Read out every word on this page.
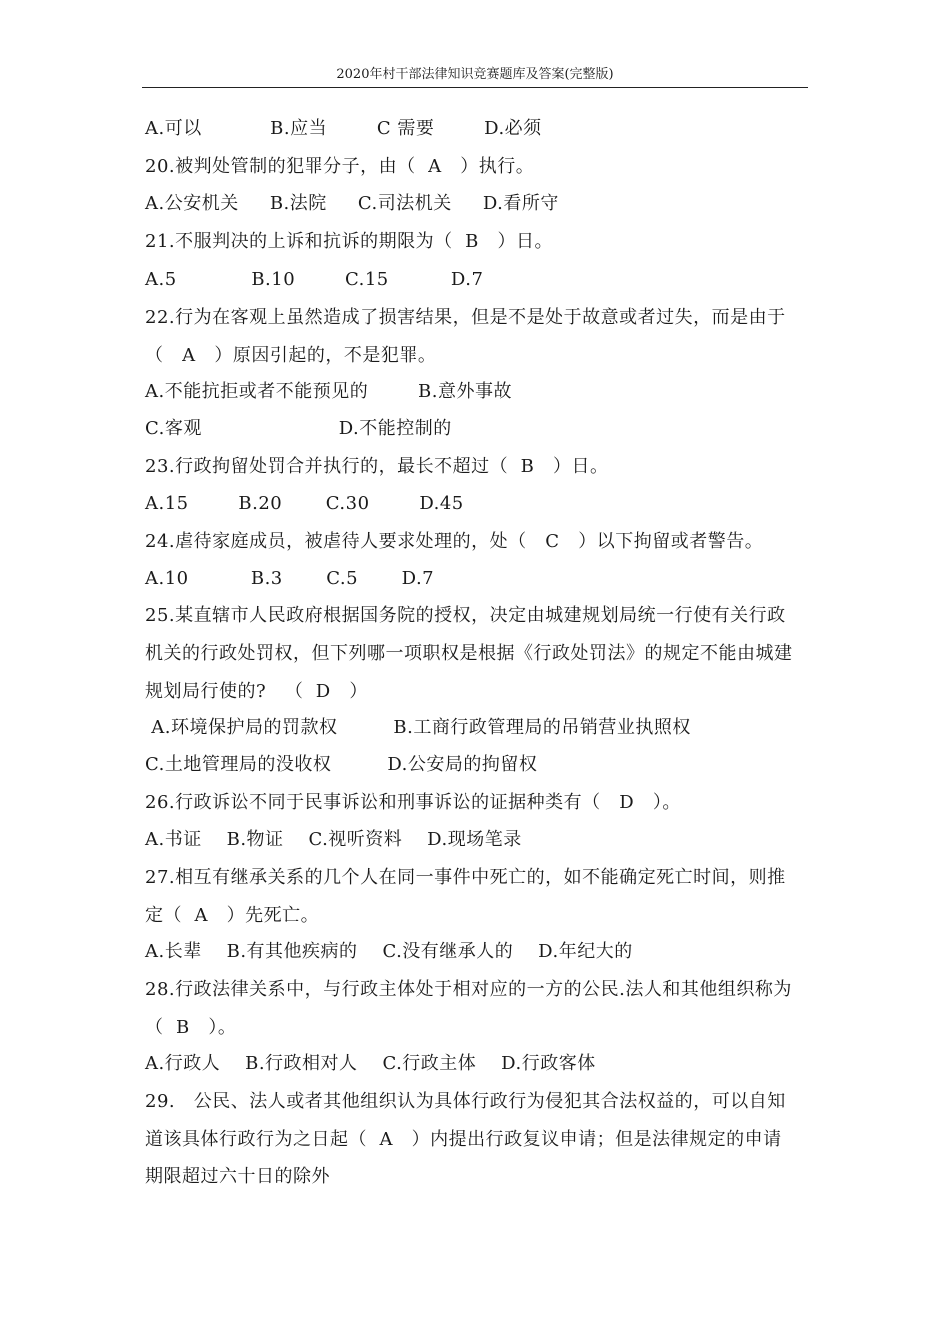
2020年村干部法律知识竞赛题库及答案(完整版)
A.可以           B.应当        C 需要        D.必须
20.被判处管制的犯罪分子，由（  A   ）执行。
A.公安机关     B.法院     C.司法机关     D.看所守
21.不服判决的上诉和抗诉的期限为（  B   ）日。
A.5            B.10        C.15          D.7
22.行为在客观上虽然造成了损害结果，但是不是处于故意或者过失，而是由于
（   A   ）原因引起的，不是犯罪。
A.不能抗拒或者不能预见的        B.意外事故
C.客观                      D.不能控制的
23.行政拘留处罚合并执行的，最长不超过（  B   ）日。
A.15        B.20       C.30        D.45
24.虐待家庭成员，被虐待人要求处理的，处（   C   ）以下拘留或者警告。
A.10          B.3       C.5       D.7
25.某直辖市人民政府根据国务院的授权，决定由城建规划局统一行使有关行政
机关的行政处罚权，但下列哪一项职权是根据《行政处罚法》的规定不能由城建
规划局行使的?   （  D   ）
A.环境保护局的罚款权         B.工商行政管理局的吊销营业执照权
C.土地管理局的没收权         D.公安局的拘留权
26.行政诉讼不同于民事诉讼和刑事诉讼的证据种类有（   D   ）。
A.书证    B.物证    C.视听资料    D.现场笔录
27.相互有继承关系的几个人在同一事件中死亡的，如不能确定死亡时间，则推
定（  A   ）先死亡。
A.长辈    B.有其他疾病的    C.没有继承人的    D.年纪大的
28.行政法律关系中，与行政主体处于相对应的一方的公民.法人和其他组织称为
（  B   ）。
A.行政人    B.行政相对人    C.行政主体    D.行政客体
29.   公民、法人或者其他组织认为具体行政行为侵犯其合法权益的，可以自知
道该具体行政行为之日起（  A   ）内提出行政复议申请；但是法律规定的申请
期限超过六十日的除外
